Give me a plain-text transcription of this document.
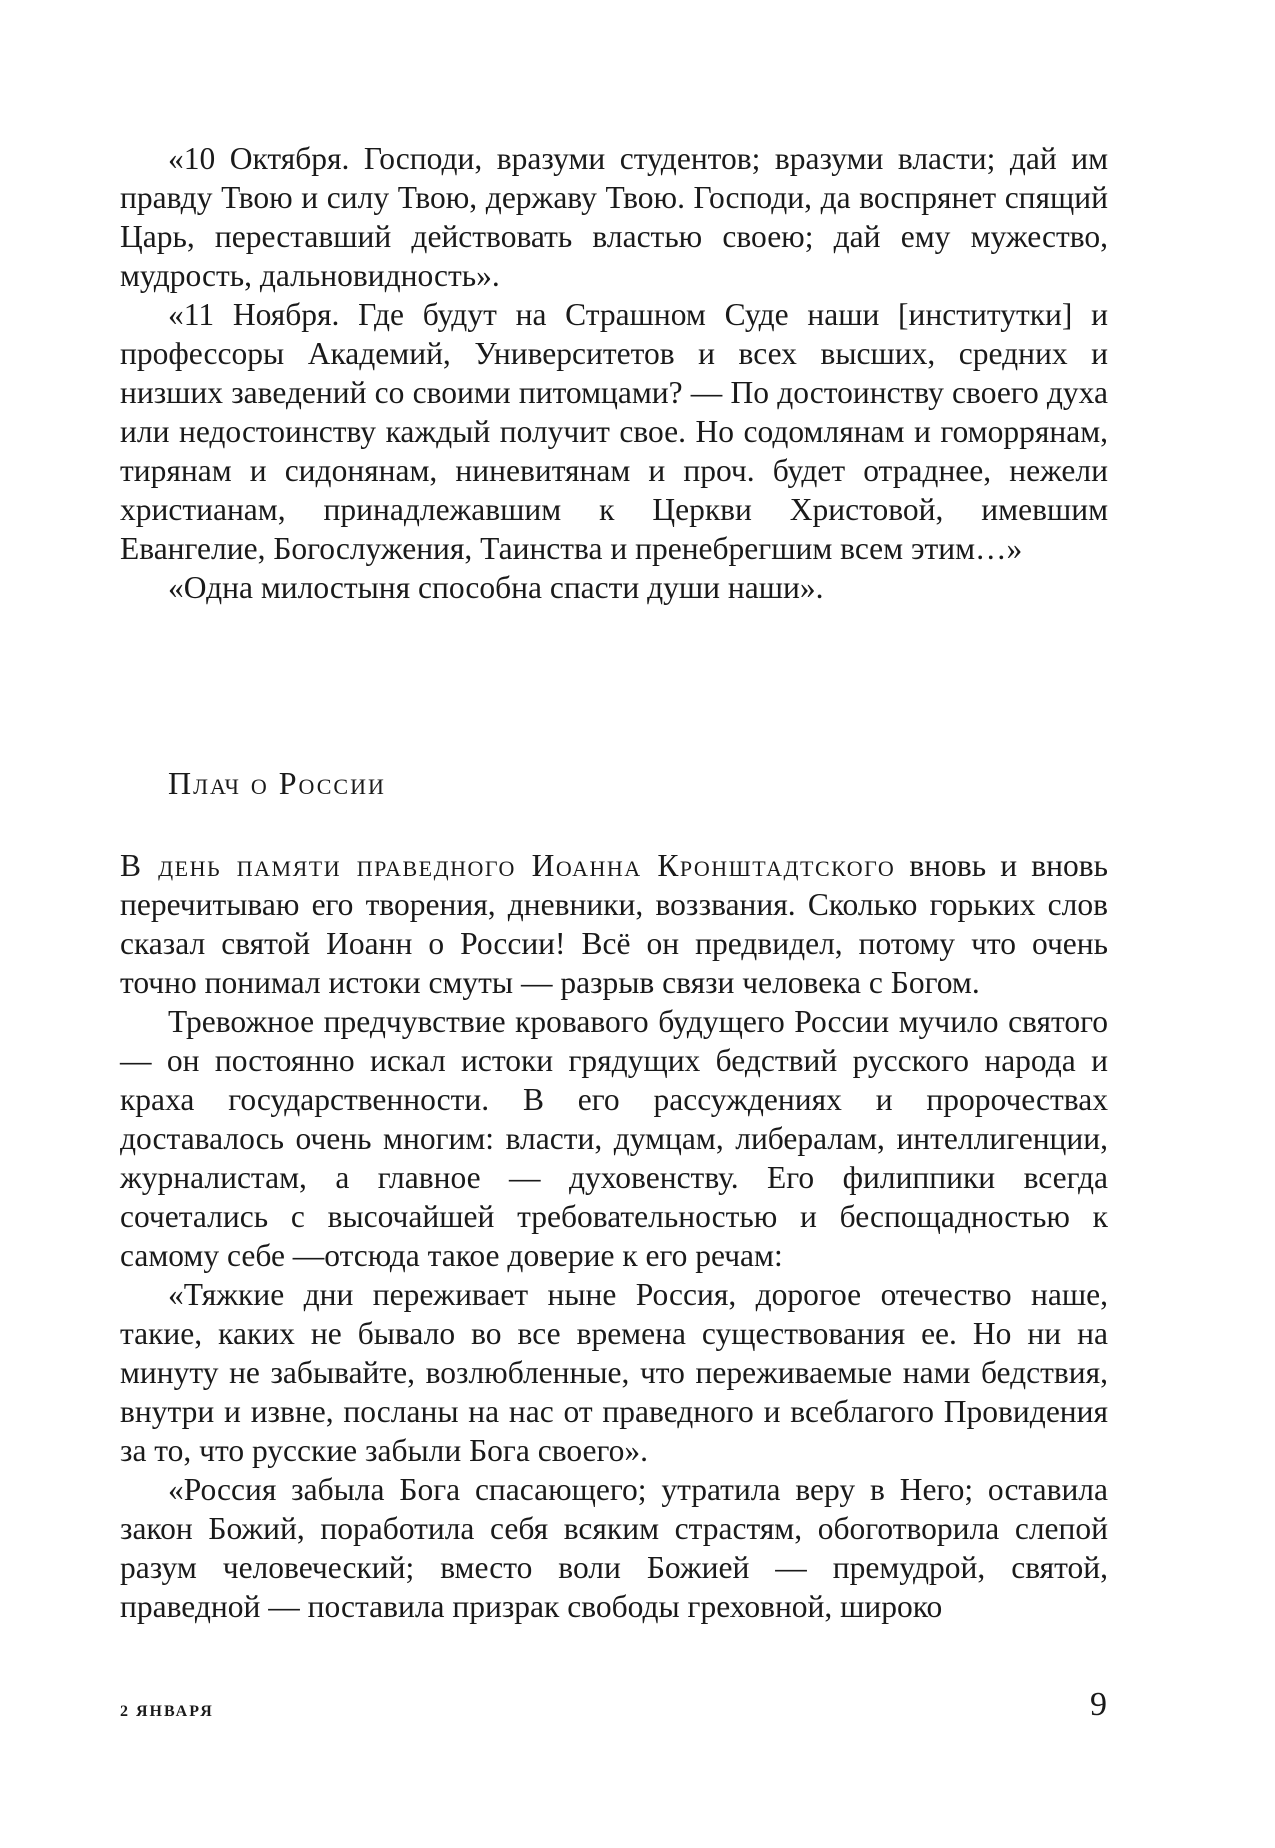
«10 Октября. Господи, вразуми студентов; вразуми власти; дай им правду Твою и силу Твою, державу Твою. Господи, да воспрянет спящий Царь, переставший действовать властью своею; дай ему мужество, мудрость, дальновидность».

«11 Ноября. Где будут на Страшном Суде наши [институтки] и профессоры Академий, Университетов и всех высших, средних и низших заведений со своими питомцами? — По достоинству своего духа или недостоинству каждый получит свое. Но содомлянам и гоморрянам, тирянам и сидонянам, ниневитянам и проч. будет отраднее, нежели христианам, принадлежавшим к Церкви Христовой, имевшим Евангелие, Богослужения, Таинства и пренебрегшим всем этим…»

«Одна милостыня способна спасти души наши».

Плач о России

В день памяти праведного Иоанна Кронштадтского вновь и вновь перечитываю его творения, дневники, воззвания. Сколько горьких слов сказал святой Иоанн о России! Всё он предвидел, потому что очень точно понимал истоки смуты — разрыв связи человека с Богом.

Тревожное предчувствие кровавого будущего России мучило святого — он постоянно искал истоки грядущих бедствий русского народа и краха государственности. В его рассуждениях и пророчествах доставалось очень многим: власти, думцам, либералам, интеллигенции, журналистам, а главное — духовенству. Его филиппики всегда сочетались с высочайшей требовательностью и беспощадностью к самому себе —отсюда такое доверие к его речам:

«Тяжкие дни переживает ныне Россия, дорогое отечество наше, такие, каких не бывало во все времена существования ее. Но ни на минуту не забывайте, возлюбленные, что переживаемые нами бедствия, внутри и извне, посланы на нас от праведного и всеблагого Провидения за то, что русские забыли Бога своего».

«Россия забыла Бога спасающего; утратила веру в Него; оставила закон Божий, поработила себя всяким страстям, обоготворила слепой разум человеческий; вместо воли Божией — премудрой, святой, праведной — поставила призрак свободы греховной, широко

2 ЯНВАРЯ	9
